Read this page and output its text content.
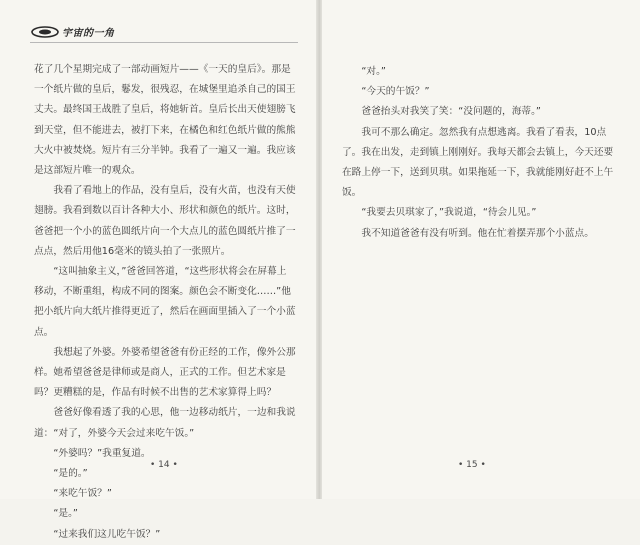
宇宙的一角

花了几个星期完成了一部动画短片——《一天的皇后》。那是一个纸片做的皇后，鬈发，很残忍，在城堡里追杀自己的国王丈夫。最终国王战胜了皇后，将她斩首。皇后长出天使翅膀飞到天堂，但不能进去，被打下来，在橘色和红色纸片做的熊熊大火中被焚烧。短片有三分半钟。我看了一遍又一遍。我应该是这部短片唯一的观众。

我看了看地上的作品，没有皇后，没有火苗，也没有天使翅膀。我看到数以百计各种大小、形状和颜色的纸片。这时，爸爸把一个小的蓝色圆纸片向一个大点儿的蓝色圆纸片推了一点点，然后用他16毫米的镜头拍了一张照片。

“这叫抽象主义，”爸爸回答道，“这些形状将会在屏幕上移动，不断重组，构成不同的图案。颜色会不断变化……”他把小纸片向大纸片推得更近了，然后在画面里插入了一个小蓝点。

我想起了外婆。外婆希望爸爸有份正经的工作，像外公那样。她希望爸爸是律师或是商人，正式的工作。但艺术家是吗？更糟糕的是，作品有时候不出售的艺术家算得上吗？

爸爸好像看透了我的心思，他一边移动纸片，一边和我说道：“对了，外婆今天会过来吃午饭。”

“外婆吗？”我重复道。

“是的。”

“来吃午饭？”

“是。”

“过来我们这儿吃午饭？”

• 14 •

“对。”

“今天的午饭？”

爸爸抬头对我笑了笑：“没问题的，海蒂。”

我可不那么确定。忽然我有点想逃离。我看了看表，10点了。我在出发，走到镇上刚刚好。我每天都会去镇上，今天还要在路上停一下，送到贝琪。如果拖延一下，我就能刚好赶不上午饭。

“我要去贝琪家了，”我说道，“待会儿见。”

我不知道爸爸有没有听到。他在忙着摆弄那个小蓝点。

• 15 •
